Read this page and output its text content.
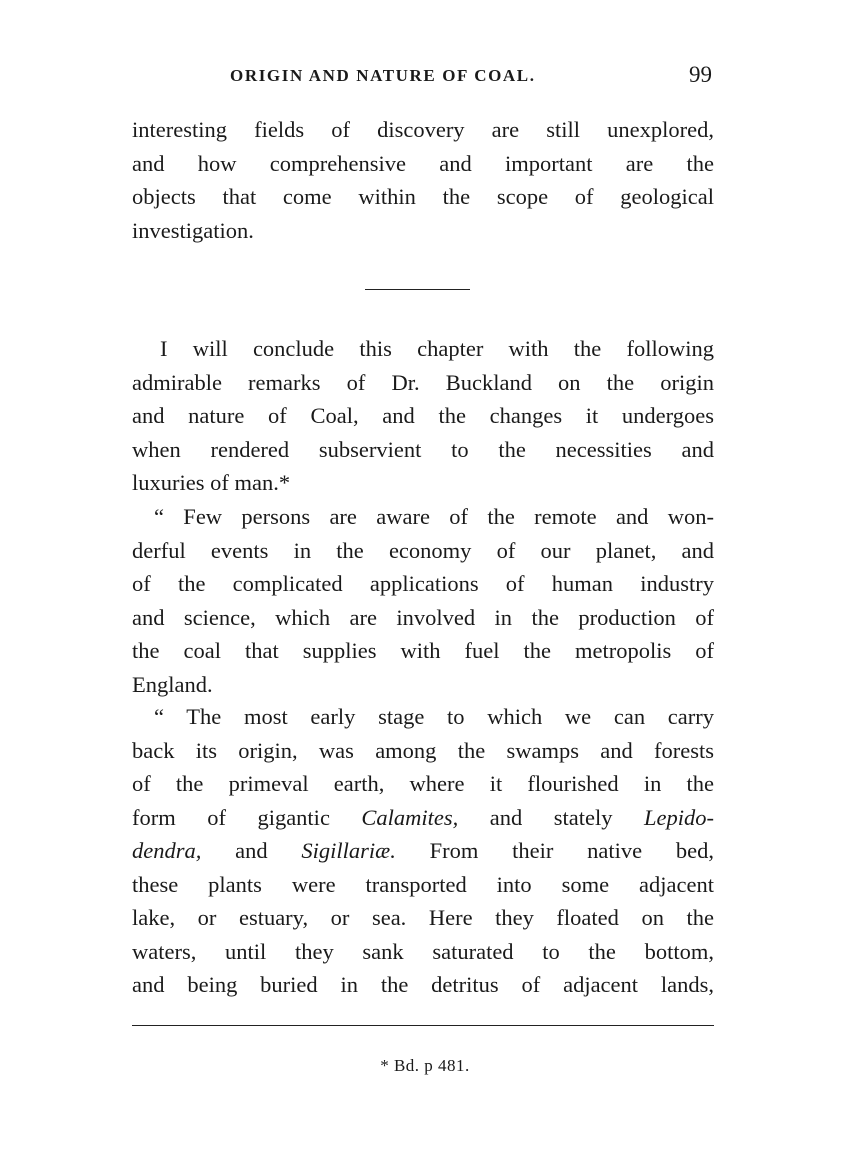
ORIGIN AND NATURE OF COAL.	99
interesting fields of discovery are still unexplored,
and how comprehensive and important are the
objects that come within the scope of geological
investigation.
I will conclude this chapter with the following
admirable remarks of Dr. Buckland on the origin
and nature of Coal, and the changes it undergoes
when rendered subservient to the necessities and
luxuries of man.*
“ Few persons are aware of the remote and won-
derful events in the economy of our planet, and
of the complicated applications of human industry
and science, which are involved in the production of
the coal that supplies with fuel the metropolis of
England.
“ The most early stage to which we can carry
back its origin, was among the swamps and forests
of the primeval earth, where it flourished in the
form of gigantic Calamites, and stately Lepido-
dendra, and Sigillariæ. From their native bed,
these plants were transported into some adjacent
lake, or estuary, or sea. Here they floated on the
waters, until they sank saturated to the bottom,
and being buried in the detritus of adjacent lands,
* Bd. p 481.
